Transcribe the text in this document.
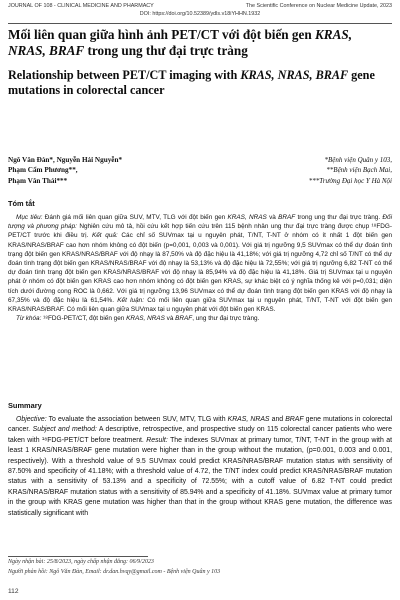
JOURNAL OF 108 - CLINICAL MEDICINE AND PHARMACY	The Scientific Conference on Nuclear Medicine Update, 2023
DOI: https://doi.org/10.52389/ydls.v18iYHHN.1932
Mối liên quan giữa hình ảnh PET/CT với đột biến gen KRAS, NRAS, BRAF trong ung thư đại trực tràng
Relationship between PET/CT imaging with KRAS, NRAS, BRAF gene mutations in colorectal cancer
Ngô Văn Đàn*, Nguyễn Hải Nguyễn*
Phạm Cẩm Phương**,
Phạm Văn Thái***
*Bệnh viện Quân y 103,
**Bệnh viện Bạch Mai,
***Trường Đại học Y Hà Nội
Tóm tắt

Mục tiêu: Đánh giá mối liên quan giữa SUV, MTV, TLG với đột biến gen KRAS, NRAS và BRAF trong ung thư đại trực tràng. Đối tượng và phương pháp: Nghiên cứu mô tả, hồi cứu kết hợp tiến cứu trên 115 bệnh nhân ung thư đại trực tràng được chụp ¹⁸FDG-PET/CT trước khi điều trị. Kết quả: Các chỉ số SUVmax tại u nguyên phát, T/NT, T-NT ở nhóm có ít nhất 1 đột biến gen KRAS/NRAS/BRAF cao hơn nhóm không có đột biến (p=0,001, 0,003 và 0,001). Với giá trị ngưỡng 9,5 SUVmax có thể dự đoán tình trạng đột biến gen KRAS/NRAS/BRAF với độ nhạy là 87,50% và độ đặc hiệu là 41,18%; với giá trị ngưỡng 4,72 chỉ số T/NT có thể dự đoán tình trạng đột biến gen KRAS/NRAS/BRAF với độ nhạy là 53,13% và độ đặc hiệu là 72,55%; với giá trị ngưỡng 6,82 T-NT có thể dự đoán tình trạng đột biến gen KRAS/NRAS/BRAF với độ nhạy là 85,94% và độ đặc hiệu là 41,18%. Giá trị SUVmax tại u nguyên phát ở nhóm có đột biến gen KRAS cao hơn nhóm không có đột biến gen KRAS, sự khác biệt có ý nghĩa thống kê với p=0,031; diện tích dưới đường cong ROC là 0,662. Với giá trị ngưỡng 13,96 SUVmax có thể dự đoán tình trạng đột biến gen KRAS với độ nhạy là 67,35% và độ đặc hiệu là 61,54%. Kết luận: Có mối liên quan giữa SUVmax tại u nguyên phát, T/NT, T-NT với đột biến gen KRAS/NRAS/BRAF. Có mối liên quan giữa SUVmax tại u nguyên phát với đột biến gen KRAS.

Từ khóa: ¹⁸FDG-PET/CT, đột biến gen KRAS, NRAS và BRAF, ung thư đại trực tràng.

Summary

Objective: To evaluate the association between SUV, MTV, TLG with KRAS, NRAS and BRAF gene mutations in colorectal cancer. Subject and method: A descriptive, retrospective, and prospective study on 115 colorectal cancer patients who were taken with ¹⁸FDG-PET/CT before treatment. Result: The indexes SUVmax at primary tumor, T/NT, T-NT in the group with at least 1 KRAS/NRAS/BRAF gene mutation were higher than in the group without the mutation, (p=0.001, 0.003 and 0.001, respectively). With a threshold value of 9.5 SUVmax could predict KRAS/NRAS/BRAF mutation status with sensitivity of 87.50% and specificity of 41.18%; with a threshold value of 4.72, the T/NT index could predict KRAS/NRAS/BRAF mutation status with a sensitivity of 53.13% and a specificity of 72.55%; with a cutoff value of 6.82 T-NT could predict KRAS/NRAS/BRAF mutation status with a sensitivity of 85.94% and a specificity of 41.18%. SUVmax value at primary tumor in the group with KRAS gene mutation was higher than that in the group without KRAS gene mutation, the difference was statistically significant with

Ngày nhận bài: 25/8/2023, ngày chấp nhận đăng: 06/9/2023
Người phản hồi: Ngô Văn Đàn, Email: dr.dan.hvqy@gmail.com - Bệnh viện Quân y 103
112
